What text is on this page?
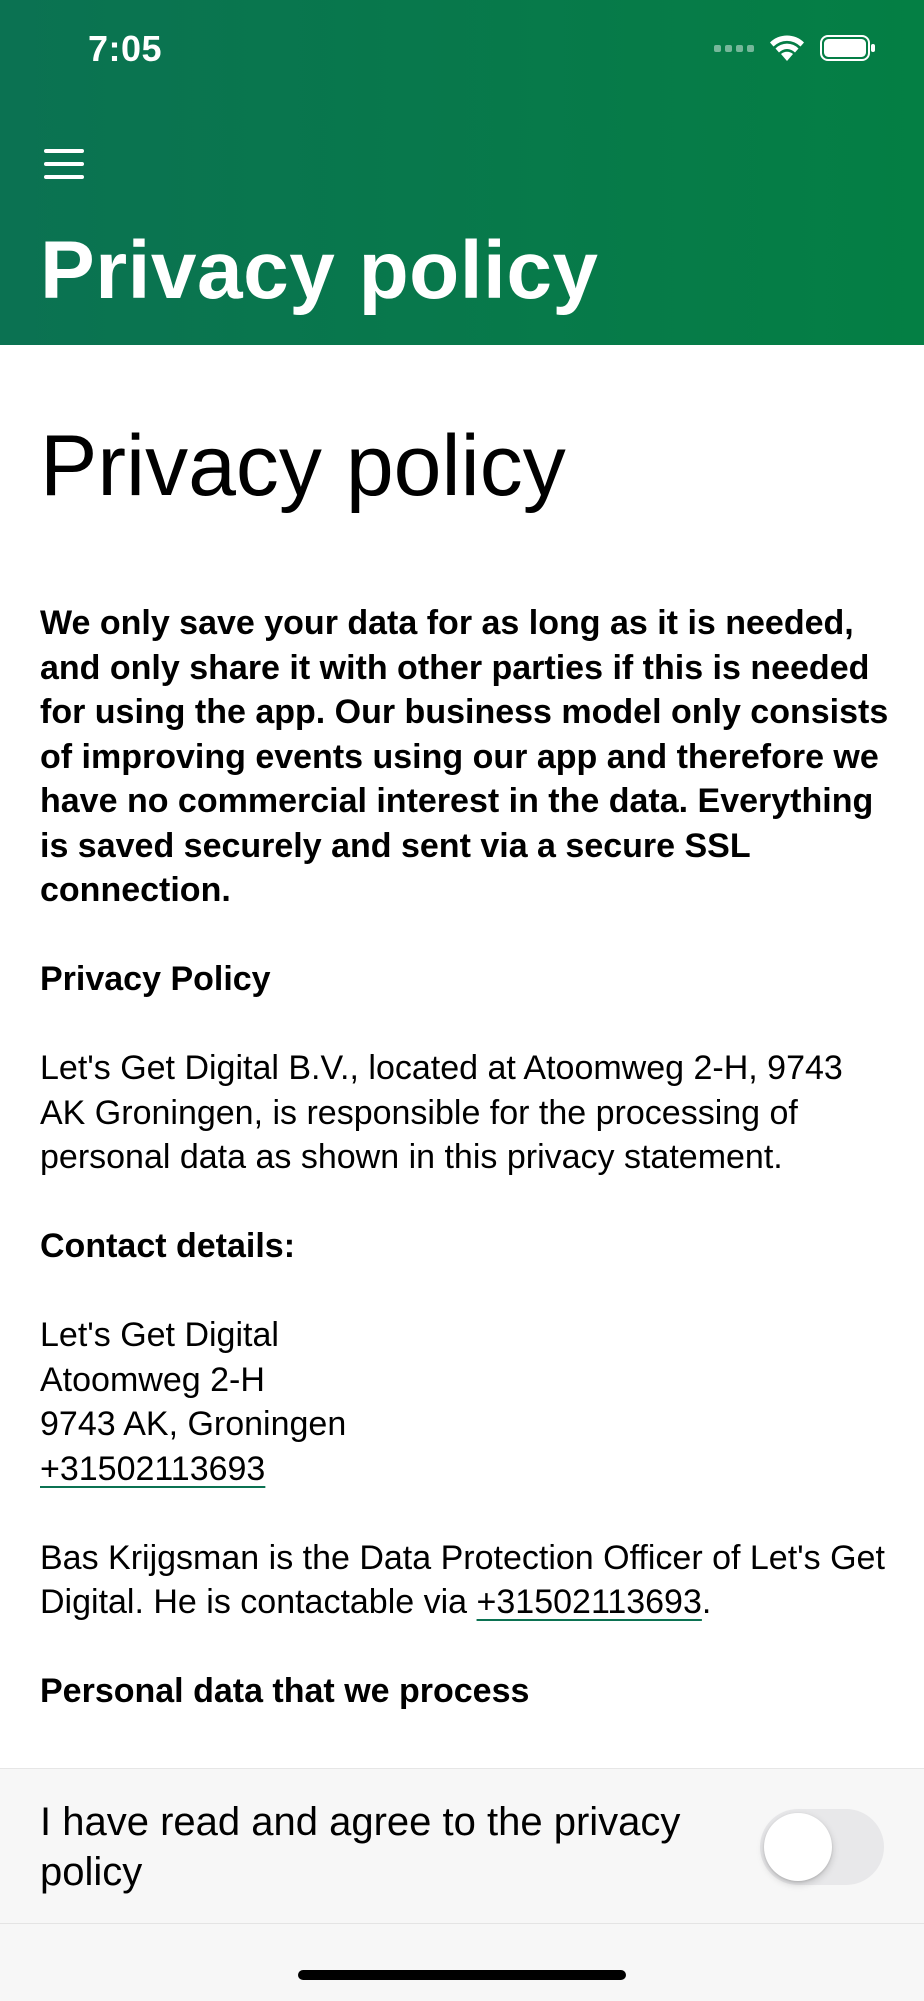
7:05
Privacy policy
Privacy policy

We only save your data for as long as it is needed, and only share it with other parties if this is needed for using the app. Our business model only consists of improving events using our app and therefore we have no commercial interest in the data. Everything is saved securely and sent via a secure SSL connection.

Privacy Policy

Let's Get Digital B.V., located at Atoomweg 2-H, 9743 AK Groningen, is responsible for the processing of personal data as shown in this privacy statement.

Contact details:

Let's Get Digital

Atoomweg 2-H

9743 AK, Groningen

+31502113693

Bas Krijgsman is the Data Protection Officer of Let's Get Digital. He is contactable via +31502113693.

Personal data that we process

I have read and agree to the privacy policy
